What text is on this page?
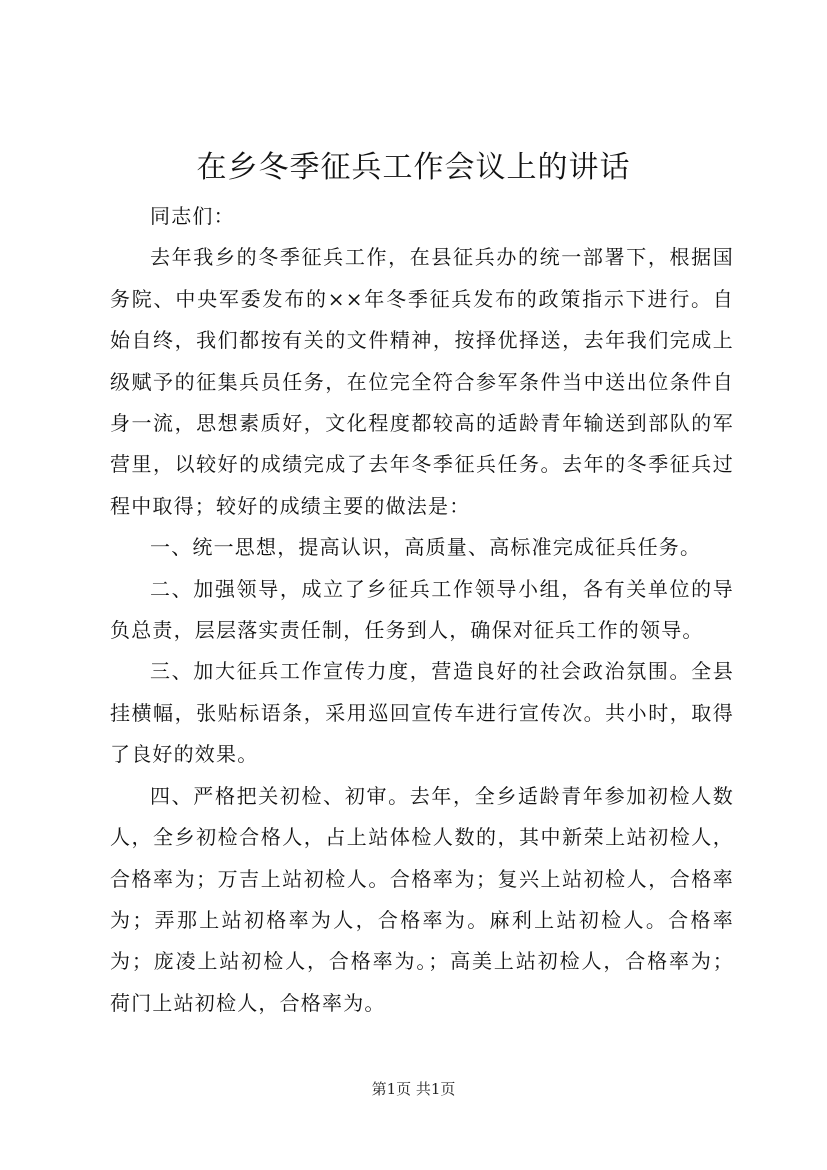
在乡冬季征兵工作会议上的讲话

同志们：

去年我乡的冬季征兵工作，在县征兵办的统一部署下，根据国务院、中央军委发布的××年冬季征兵发布的政策指示下进行。自始自终，我们都按有关的文件精神，按择优择送，去年我们完成上级赋予的征集兵员任务，在位完全符合参军条件当中送出位条件自身一流，思想素质好，文化程度都较高的适龄青年输送到部队的军营里，以较好的成绩完成了去年冬季征兵任务。去年的冬季征兵过程中取得；较好的成绩主要的做法是：

一、统一思想，提高认识，高质量、高标准完成征兵任务。

二、加强领导，成立了乡征兵工作领导小组，各有关单位的导负总责，层层落实责任制，任务到人，确保对征兵工作的领导。

三、加大征兵工作宣传力度，营造良好的社会政治氛围。全县挂横幅，张贴标语条，采用巡回宣传车进行宣传次。共小时，取得了良好的效果。

四、严格把关初检、初审。去年，全乡适龄青年参加初检人数人，全乡初检合格人，占上站体检人数的，其中新荣上站初检人，合格率为；万吉上站初检人。合格率为；复兴上站初检人，合格率为；弄那上站初格率为人，合格率为。麻利上站初检人。合格率为；庞凌上站初检人，合格率为。；高美上站初检人，合格率为；荷门上站初检人，合格率为。

第1页 共1页
